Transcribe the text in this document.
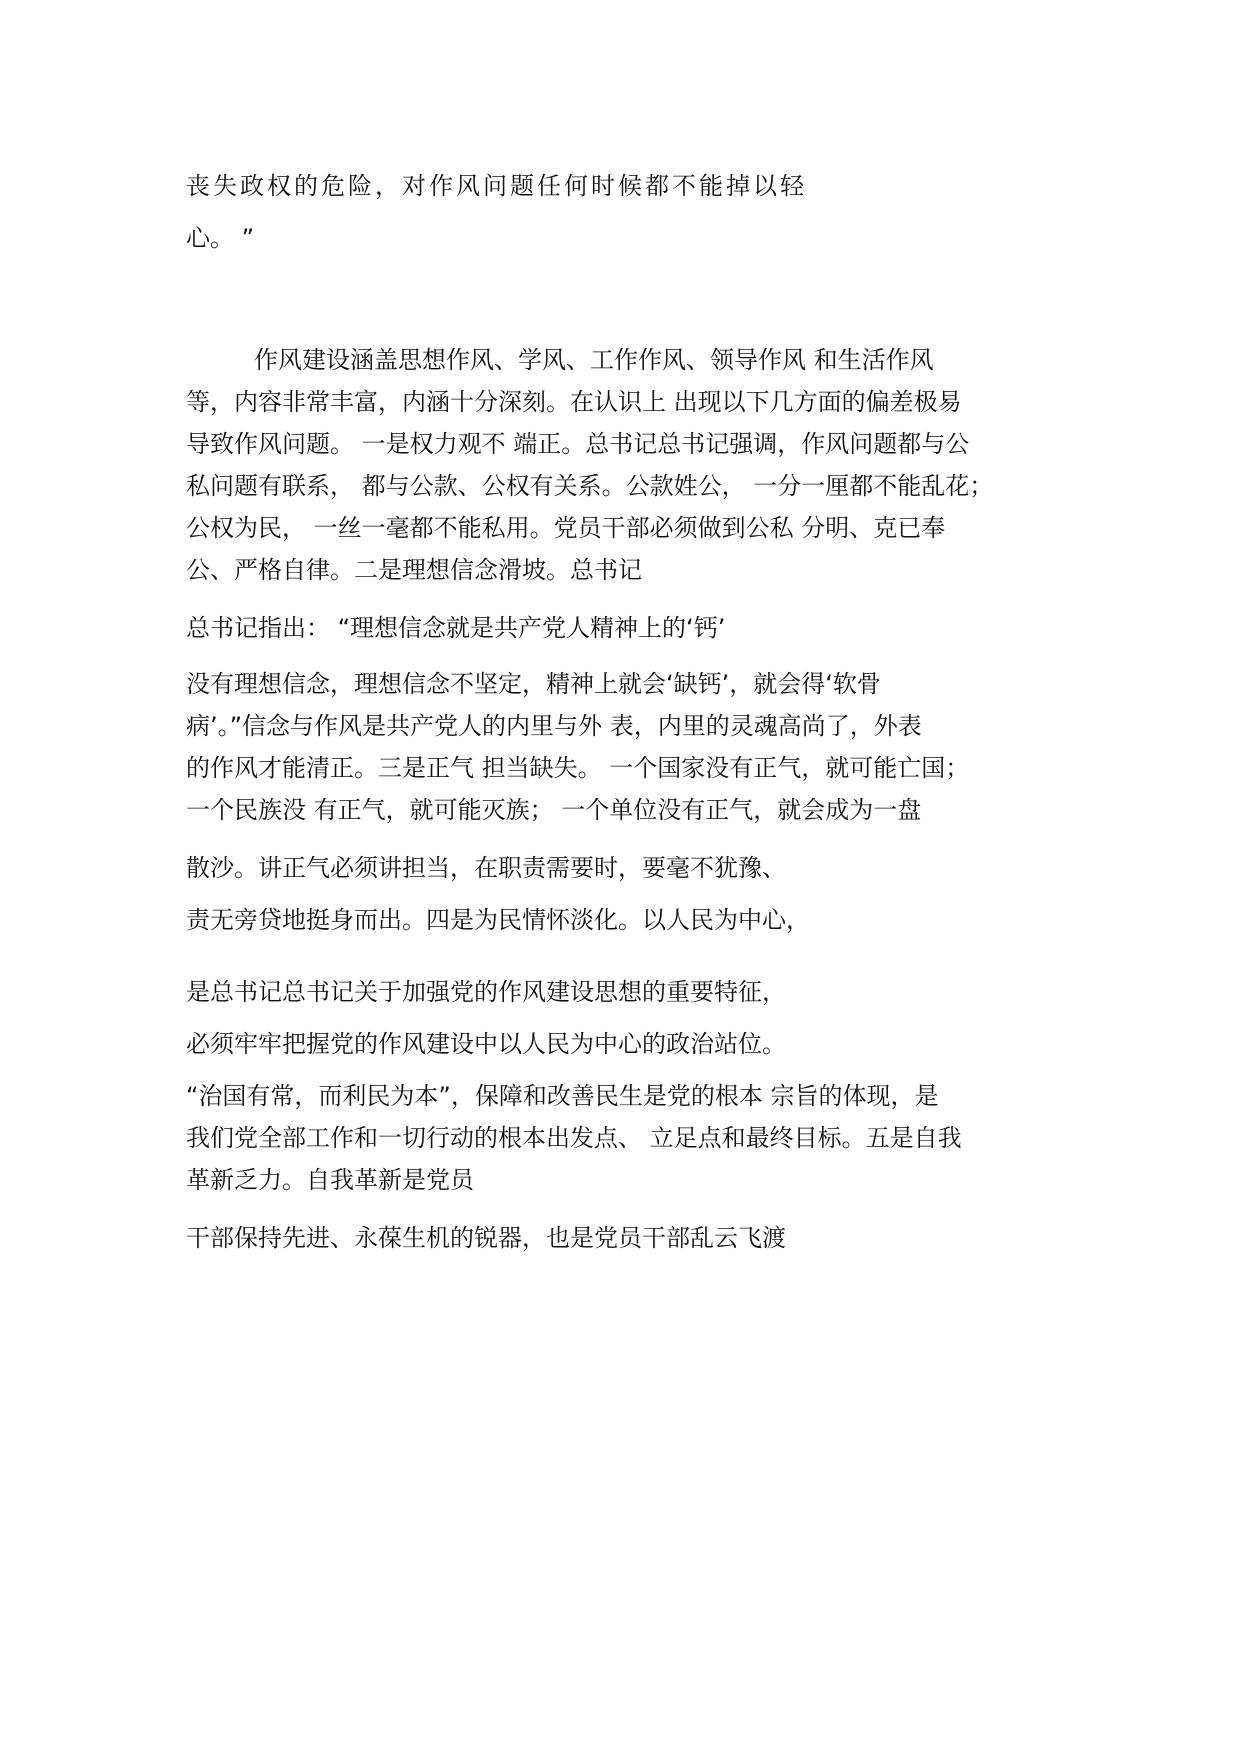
丧失政权的危险，对作风问题任何时候都不能掉以轻

心。 ”

作风建设涵盖思想作风、学风、工作作风、领导作风 和生活作风

等，内容非常丰富，内涵十分深刻。在认识上 出现以下几方面的偏差极易

导致作风问题。 一是权力观不 端正。总书记总书记强调，作风问题都与公

私问题有联系， 都与公款、公权有关系。公款姓公， 一分一厘都不能乱花；

公权为民， 一丝一毫都不能私用。党员干部必须做到公私 分明、克已奉

公、严格自律。二是理想信念滑坡。总书记

总书记指出： “理想信念就是共产党人精神上的‘钙’

没有理想信念，理想信念不坚定，精神上就会‘缺钙’，就会得‘软骨

病’。”信念与作风是共产党人的内里与外 表，内里的灵魂高尚了，外表

的作风才能清正。三是正气 担当缺失。 一个国家没有正气，就可能亡国；

一个民族没 有正气，就可能灭族； 一个单位没有正气，就会成为一盘

散沙。讲正气必须讲担当，在职责需要时，要毫不犹豫、

责无旁贷地挺身而出。四是为民情怀淡化。以人民为中心，

是总书记总书记关于加强党的作风建设思想的重要特征，

必须牢牢把握党的作风建设中以人民为中心的政治站位。

“治国有常，而利民为本”，保障和改善民生是党的根本 宗旨的体现，是

我们党全部工作和一切行动的根本出发点、 立足点和最终目标。五是自我

革新乏力。自我革新是党员

干部保持先进、永葆生机的锐器，也是党员干部乱云飞渡
